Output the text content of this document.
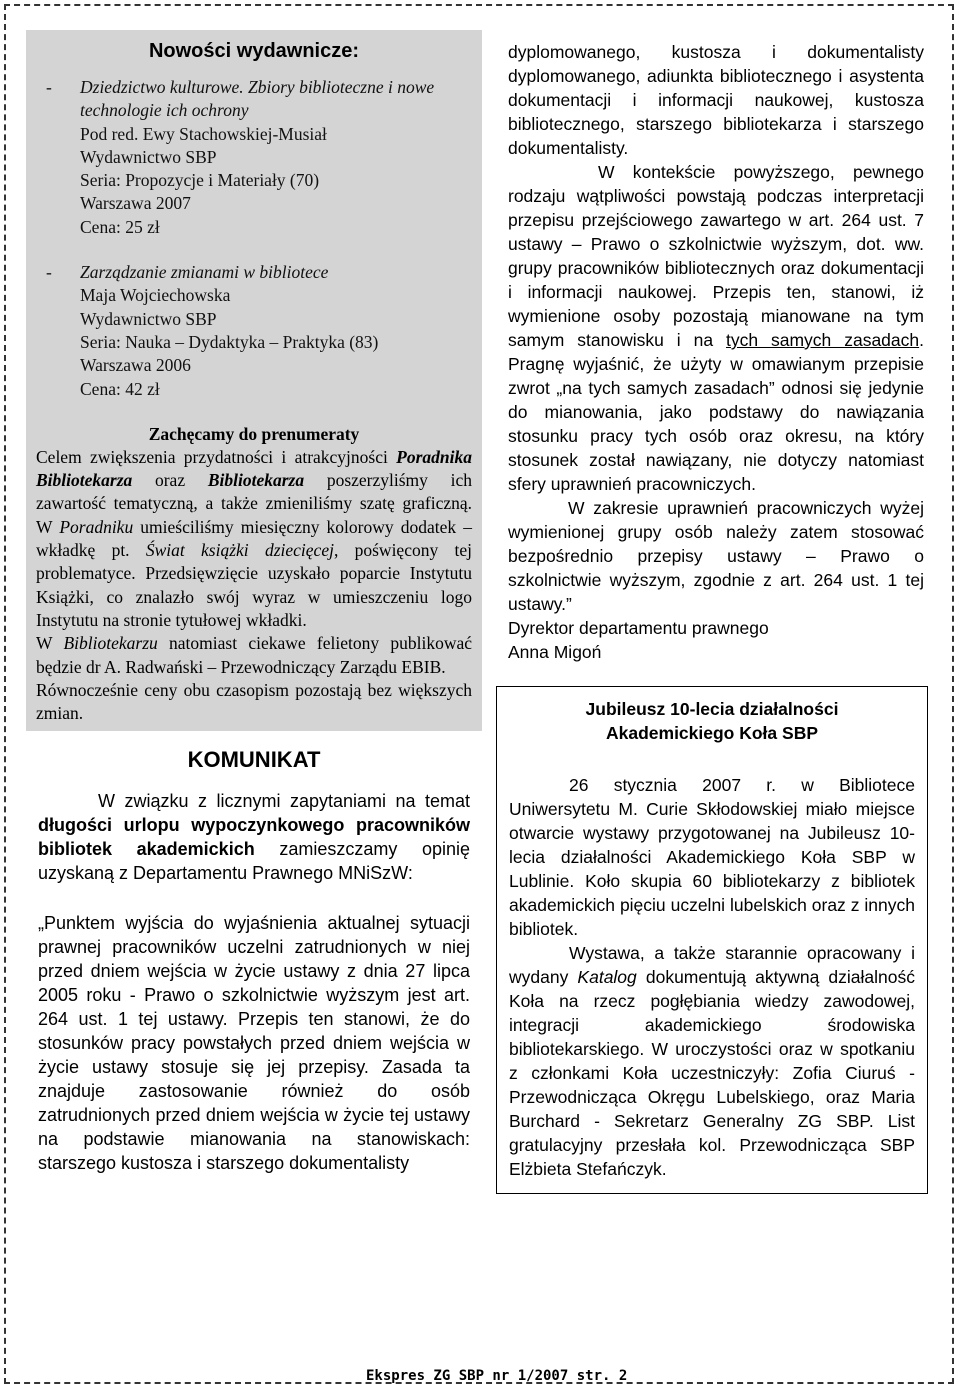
Nowości wydawnicze:
- Dziedzictwo kulturowe. Zbiory biblioteczne i nowe technologie ich ochrony
Pod red. Ewy Stachowskiej-Musiał
Wydawnictwo SBP
Seria: Propozycje i Materiały (70)
Warszawa 2007
Cena: 25 zł
- Zarządzanie zmianami w bibliotece
Maja Wojciechowska
Wydawnictwo SBP
Seria: Nauka – Dydaktyka – Praktyka (83)
Warszawa 2006
Cena: 42 zł
Zachęcamy do prenumeraty

Celem zwiększenia przydatności i atrakcyjności Poradnika Bibliotekarza oraz Bibliotekarza poszerzyliśmy ich zawartość tematyczną, a także zmieniliśmy szatę graficzną. W Poradniku umieściliśmy miesięczny kolorowy dodatek – wkładkę pt. Świat książki dziecięcej, poświęcony tej problematyce. Przedsięwzięcie uzyskało poparcie Instytutu Książki, co znalazło swój wyraz w umieszczeniu logo Instytutu na stronie tytułowej wkładki.

W Bibliotekarzu natomiast ciekawe felietony publikować będzie dr A. Radwański – Przewodniczący Zarządu EBIB.

Równocześnie ceny obu czasopism pozostają bez większych zmian.

KOMUNIKAT

W związku z licznymi zapytaniami na temat długości urlopu wypoczynkowego pracowników bibliotek akademickich zamieszczamy opinię uzyskaną z Departamentu Prawnego MNiSzW:

„Punktem wyjścia do wyjaśnienia aktualnej sytuacji prawnej pracowników uczelni zatrudnionych w niej przed dniem wejścia w życie ustawy z dnia 27 lipca 2005 roku - Prawo o szkolnictwie wyższym jest art. 264 ust. 1 tej ustawy. Przepis ten stanowi, że do stosunków pracy powstałych przed dniem wejścia w życie ustawy stosuje się jej przepisy. Zasada ta znajduje zastosowanie również do osób zatrudnionych przed dniem wejścia w życie tej ustawy na podstawie mianowania na stanowiskach: starszego kustosza i starszego dokumentalisty

dyplomowanego, kustosza i dokumentalisty dyplomowanego, adiunkta bibliotecznego i asystenta dokumentacji i informacji naukowej, kustosza bibliotecznego, starszego bibliotekarza i starszego dokumentalisty.

W kontekście powyższego, pewnego rodzaju wątpliwości powstają podczas interpretacji przepisu przejściowego zawartego w art. 264 ust. 7 ustawy – Prawo o szkolnictwie wyższym, dot. ww. grupy pracowników bibliotecznych oraz dokumentacji i informacji naukowej. Przepis ten, stanowi, iż wymienione osoby pozostają mianowane na tym samym stanowisku i na tych samych zasadach. Pragnę wyjaśnić, że użyty w omawianym przepisie zwrot „na tych samych zasadach” odnosi się jedynie do mianowania, jako podstawy do nawiązania stosunku pracy tych osób oraz okresu, na który stosunek został nawiązany, nie dotyczy natomiast sfery uprawnień pracowniczych.

W zakresie uprawnień pracowniczych wyżej wymienionej grupy osób należy zatem stosować bezpośrednio przepisy ustawy – Prawo o szkolnictwie wyższym, zgodnie z art. 264 ust. 1 tej ustawy.”

Dyrektor departamentu prawnego

Anna Migoń

Jubileusz 10-lecia działalności
Akademickiego Koła SBP

26 stycznia 2007 r. w Bibliotece Uniwersytetu M. Curie Skłodowskiej miało miejsce otwarcie wystawy przygotowanej na Jubileusz 10-lecia działalności Akademickiego Koła SBP w Lublinie. Koło skupia 60 bibliotekarzy z bibliotek akademickich pięciu uczelni lubelskich oraz z innych bibliotek.

Wystawa, a także starannie opracowany i wydany Katalog dokumentują aktywną działalność Koła na rzecz pogłębiania wiedzy zawodowej, integracji akademickiego środowiska bibliotekarskiego. W uroczystości oraz w spotkaniu z członkami Koła uczestniczyły: Zofia Ciuruś - Przewodnicząca Okręgu Lubelskiego, oraz Maria Burchard - Sekretarz Generalny ZG SBP. List gratulacyjny przesłała kol. Przewodnicząca SBP Elżbieta Stefańczyk.

Ekspres ZG SBP nr 1/2007 str. 2
